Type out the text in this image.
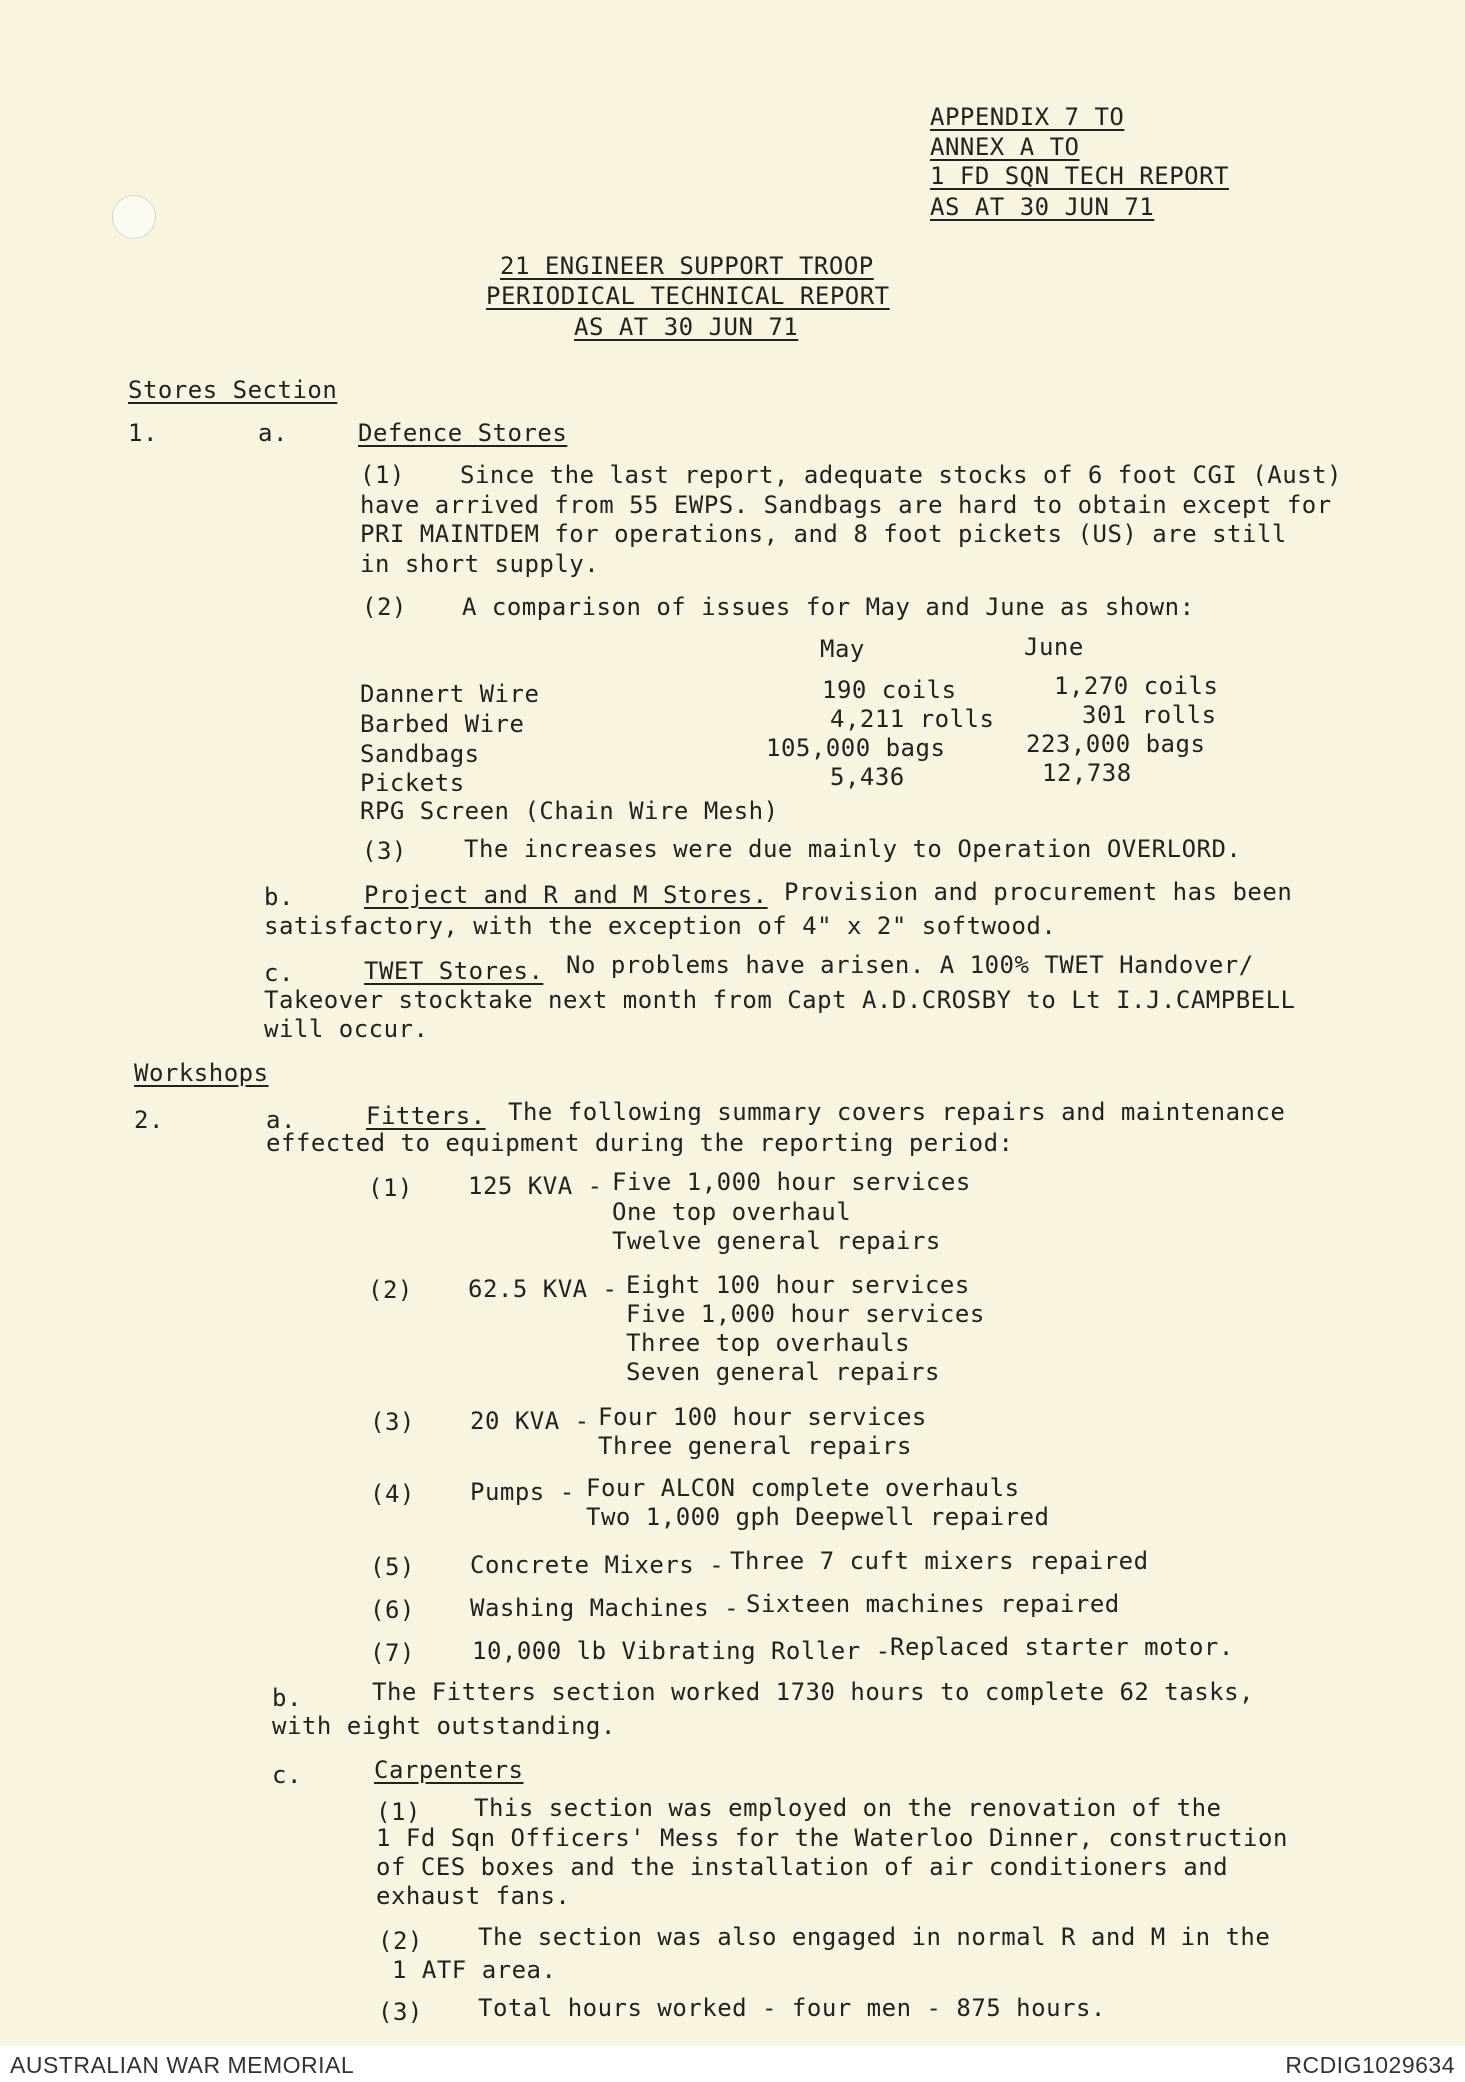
APPENDIX 7 TO
ANNEX A TO
1 FD SQN TECH REPORT
AS AT 30 JUN 71
21 ENGINEER SUPPORT TROOP
PERIODICAL TECHNICAL REPORT
AS AT 30 JUN 71
Stores Section
1.	a.	Defence Stores
(1) Since the last report, adequate stocks of 6 foot CGI (Aust)
have arrived from 55 EWPS. Sandbags are hard to obtain except for
PRI MAINTDEM for operations, and 8 foot pickets (US) are still
in short supply.
(2) A comparison of issues for May and June as shown:
May	June
Dannert Wire	190 coils	1,270 coils
Barbed Wire	4,211 rolls	301 rolls
Sandbags	105,000 bags	223,000 bags
Pickets	5,436	12,738
RPG Screen (Chain Wire Mesh)
(3) The increases were due mainly to Operation OVERLORD.
b.	Project and R and M Stores. Provision and procurement has been
satisfactory, with the exception of 4" x 2" softwood.
c.	TWET Stores. No problems have arisen. A 100% TWET Handover/
Takeover stocktake next month from Capt A.D.CROSBY to Lt I.J.CAMPBELL
will occur.
Workshops
2.	a.	Fitters. The following summary covers repairs and maintenance
effected to equipment during the reporting period:
(1) 125 KVA - Five 1,000 hour services
One top overhaul
Twelve general repairs
(2) 62.5 KVA - Eight 100 hour services
Five 1,000 hour services
Three top overhauls
Seven general repairs
(3) 20 KVA - Four 100 hour services
Three general repairs
(4) Pumps - Four ALCON complete overhauls
Two 1,000 gph Deepwell repaired
(5) Concrete Mixers - Three 7 cuft mixers repaired
(6) Washing Machines - Sixteen machines repaired
(7) 10,000 lb Vibrating Roller - Replaced starter motor.
b.	The Fitters section worked 1730 hours to complete 62 tasks,
with eight outstanding.
c.	Carpenters
(1) This section was employed on the renovation of the
1 Fd Sqn Officers' Mess for the Waterloo Dinner, construction
of CES boxes and the installation of air conditioners and
exhaust fans.
(2) The section was also engaged in normal R and M in the
1 ATF area.
(3) Total hours worked - four men - 875 hours.
AUSTRALIAN WAR MEMORIAL	RCDIG1029634
